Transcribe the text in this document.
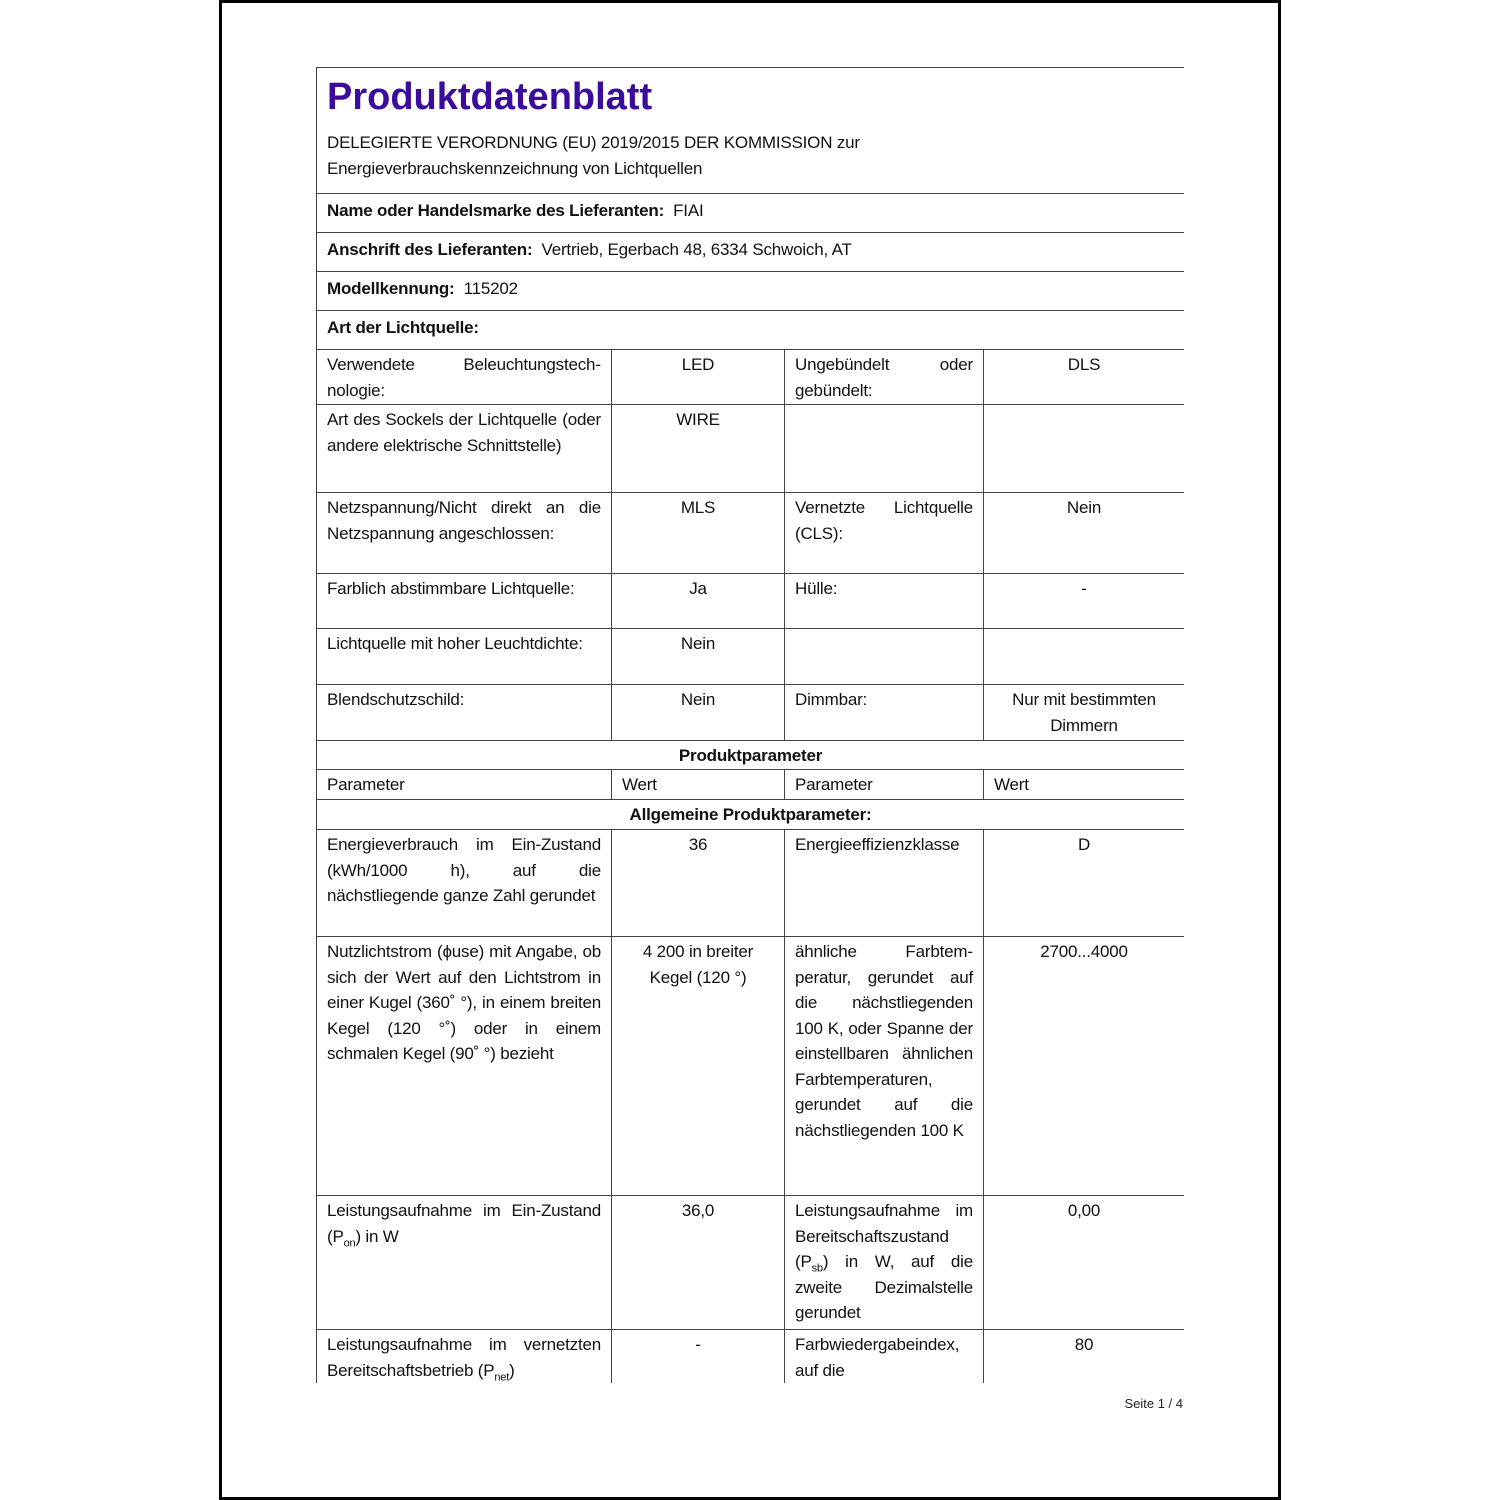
Produktdatenblatt
DELEGIERTE VERORDNUNG (EU) 2019/2015 DER KOMMISSION zur
Energieverbrauchskennzeichnung von Lichtquellen			

Name oder Handelsmarke des Lieferanten: FIAI			
Anschrift des Lieferanten: Vertrieb, Egerbach 48, 6334 Schwoich, AT			
Modellkennung: 115202			
Art der Lichtquelle:			
Verwendete Beleuchtungstechnologie:	LED	Ungebündelt oder gebündelt:	DLS
Art des Sockels der Lichtquelle (oder andere elektrische Schnittstelle)	WIRE		
Netzspannung/Nicht direkt an die Netzspannung angeschlossen:	MLS	Vernetzte Lichtquelle (CLS):	Nein
Farblich abstimmbare Lichtquelle:	Ja	Hülle:	-
Lichtquelle mit hoher Leuchtdichte:	Nein		
Blendschutzschild:	Nein	Dimmbar:	Nur mit bestimmten Dimmern
Produktparameter			
Parameter	Wert	Parameter	Wert
Allgemeine Produktparameter:			
Energieverbrauch im Ein-Zustand (kWh/1000 h), auf die nächstliegende ganze Zahl gerundet	36	Energieeffizienzklasse	D
Nutzlichtstrom (ϕuse) mit Angabe, ob sich der Wert auf den Lichtstrom in einer Kugel (360˚ °), in einem breiten Kegel (120 °˚) oder in einem schmalen Kegel (90˚ °) bezieht	4 200 in breiter Kegel (120 °)	ähnliche Farbtemperatur, gerundet auf die nächstliegenden 100 K, oder Spanne der einstellbaren ähnlichen Farbtemperaturen, gerundet auf die nächstliegenden 100 K	2700...4000
Leistungsaufnahme im Ein-Zustand $(P_{on})$ in W	36,0	Leistungsaufnahme im Bereitschaftszustand $(P_{sb})$ in W, auf die zweite Dezimalstelle gerundet	0,00
Leistungsaufnahme im vernetzten Bereitschaftsbetrieb $(P_{net})$	-	Farbwiedergabeindex, auf die	80
Seite 1 / 4
